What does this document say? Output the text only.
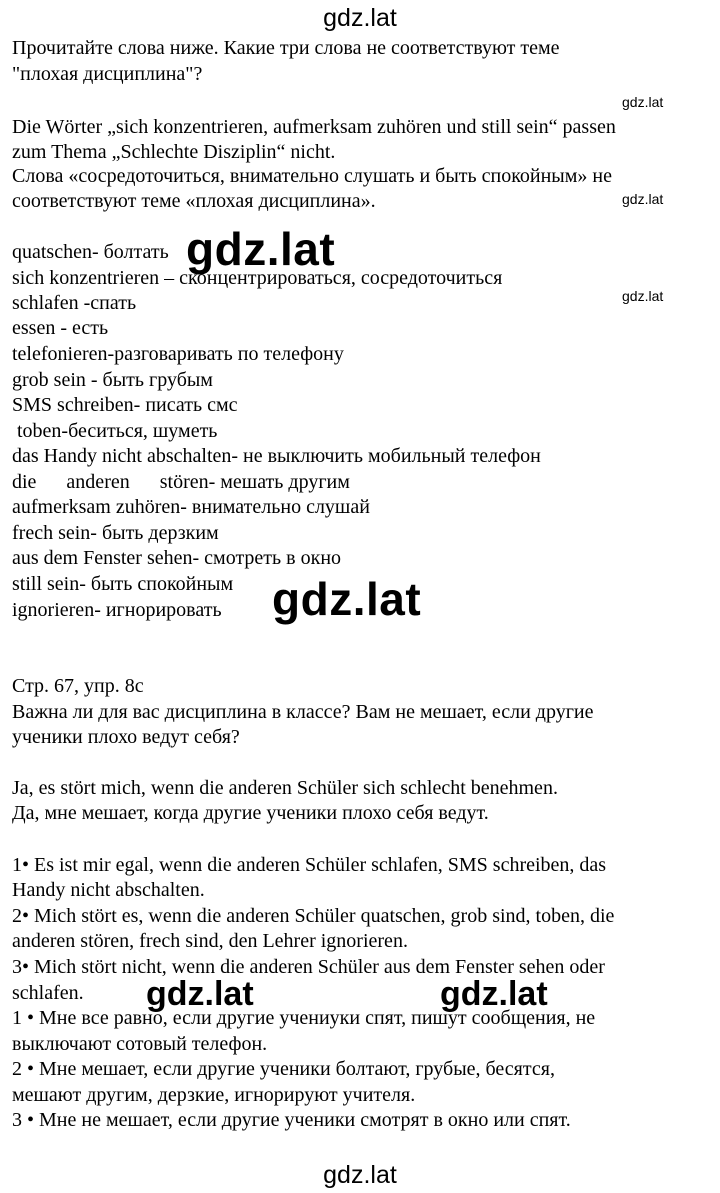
gdz.lat
Прочитайте слова ниже. Какие три слова не соответствуют теме
"плохая дисциплина"?
gdz.lat
Die Wörter „sich konzentrieren, aufmerksam zuhören und still sein“ passen
zum Thema „Schlechte Disziplin“ nicht.
Слова «сосредоточиться, внимательно слушать и быть спокойным» не
соответствуют теме «плохая дисциплина».	gdz.lat
quatschen- болтать
sich konzentrieren – сконцентрироваться, сосредоточиться
schlafen -спать
essen - есть
telefonieren-разговаривать по телефону
grob sein - быть грубым
SMS schreiben- писать смс
toben-беситься, шуметь
das Handy nicht abschalten- не выключить мобильный телефон
die      anderen      stören- мешать другим
aufmerksam zuhören- внимательно слушай
frech sein- быть дерзким
aus dem Fenster sehen- смотреть в окно
still sein- быть спокойным
ignorieren- игнорировать
gdz.lat
gdz.lat
gdz.lat
Стр. 67, упр. 8с
Важна ли для вас дисциплина в классе? Вам не мешает, если другие
ученики плохо ведут себя?
Ja, es stört mich, wenn die anderen Schüler sich schlecht benehmen.
Да, мне мешает, когда другие ученики плохо себя ведут.
1• Es ist mir egal, wenn die anderen Schüler schlafen, SMS schreiben, das
Handy nicht abschalten.
2• Mich stört es, wenn die anderen Schüler quatschen, grob sind, toben, die
anderen stören, frech sind, den Lehrer ignorieren.
3• Mich stört nicht, wenn die anderen Schüler aus dem Fenster sehen oder
schlafen.
1 • Мне все равно, если другие учениуки спят, пишут сообщения, не
выключают сотовый телефон.
2 • Мне мешает, если другие ученики болтают, грубые, бесятся,
мешают другим, дерзкие, игнорируют учителя.
3 • Мне не мешает, если другие ученики смотрят в окно или спят.
gdz.lat	gdz.lat
gdz.lat
